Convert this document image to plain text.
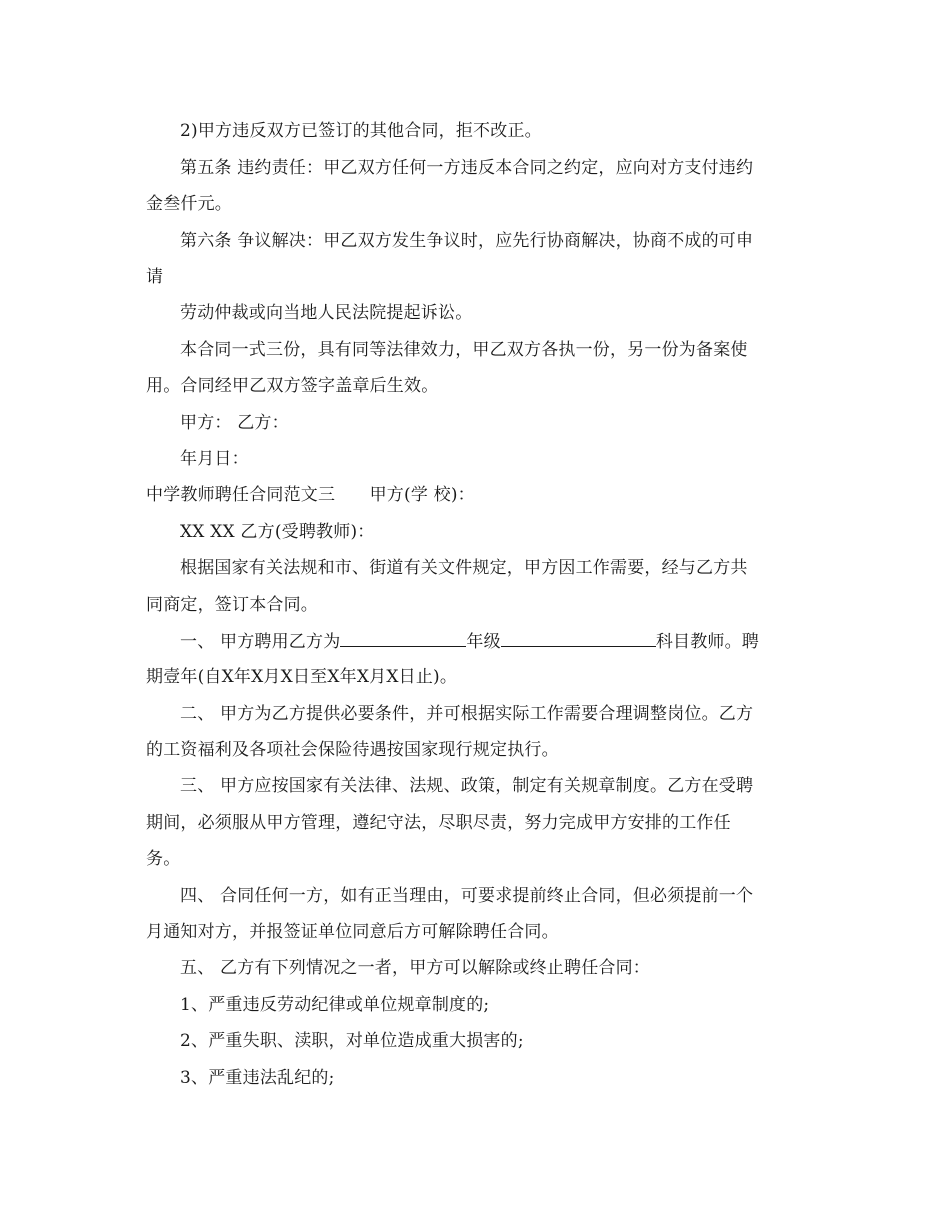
2)甲方违反双方已签订的其他合同，拒不改正。
第五条 违约责任：甲乙双方任何一方违反本合同之约定，应向对方支付违约
金叁仟元。
第六条 争议解决：甲乙双方发生争议时，应先行协商解决，协商不成的可申
请
劳动仲裁或向当地人民法院提起诉讼。
本合同一式三份，具有同等法律效力，甲乙双方各执一份，另一份为备案使
用。合同经甲乙双方签字盖章后生效。
甲方： 乙方：
年月日：
中学教师聘任合同范文三　　甲方(学 校)：
XX XX 乙方(受聘教师)：
根据国家有关法规和市、街道有关文件规定，甲方因工作需要，经与乙方共
同商定，签订本合同。
一、 甲方聘用乙方为	年级	科目教师。聘
期壹年(自X年X月X日至X年X月X日止)。
二、 甲方为乙方提供必要条件，并可根据实际工作需要合理调整岗位。乙方
的工资福利及各项社会保险待遇按国家现行规定执行。
三、 甲方应按国家有关法律、法规、政策，制定有关规章制度。乙方在受聘
期间，必须服从甲方管理，遵纪守法，尽职尽责，努力完成甲方安排的工作任
务。
四、 合同任何一方，如有正当理由，可要求提前终止合同，但必须提前一个
月通知对方，并报签证单位同意后方可解除聘任合同。
五、 乙方有下列情况之一者，甲方可以解除或终止聘任合同：
1、严重违反劳动纪律或单位规章制度的;
2、严重失职、渎职，对单位造成重大损害的;
3、严重违法乱纪的;
